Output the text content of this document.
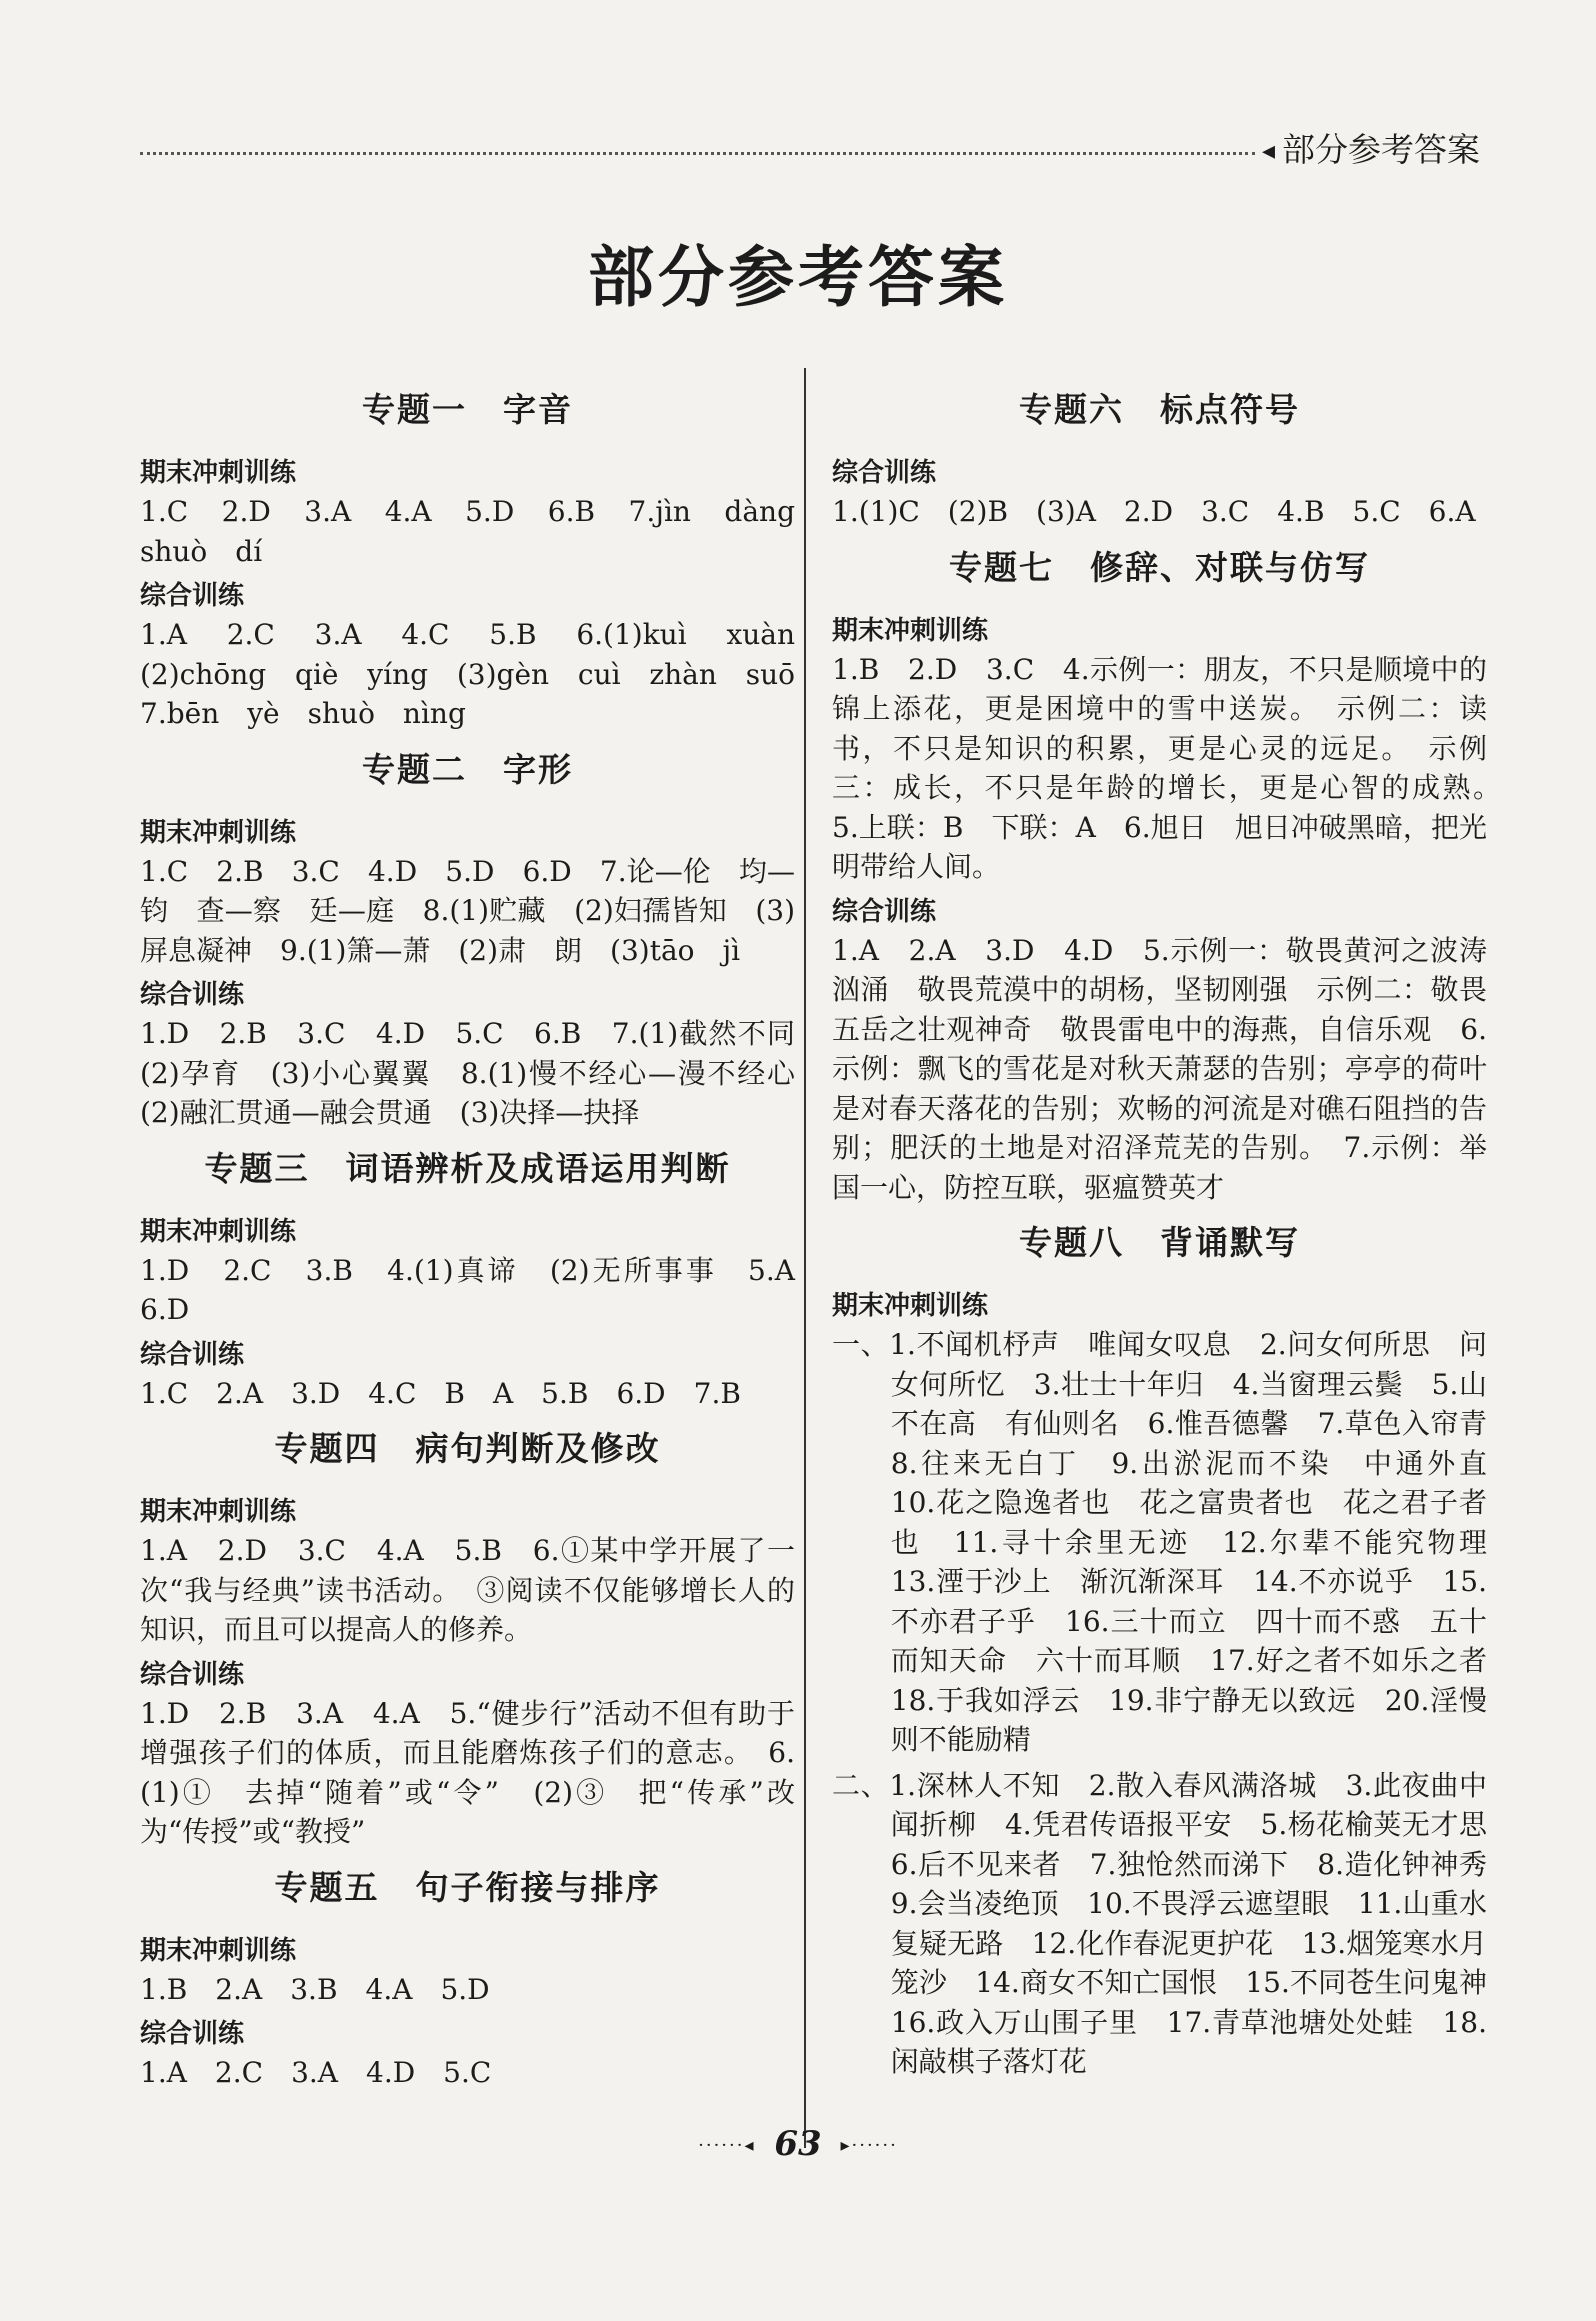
◂ 部分参考答案
部分参考答案
专题一 字音

期末冲刺训练

1.C　2.D　3.A　4.A　5.D　6.B　7.jìn　dàng　shuò　dí

综合训练

1.A　2.C　3.A　4.C　5.B　6.(1)kuì　xuàn　(2)chōng　qiè　yíng　(3)gèn　cuì　zhàn　suō　7.bēn　yè　shuò　nìng

专题二 字形

期末冲刺训练

1.C　2.B　3.C　4.D　5.D　6.D　7.论—伦　均—钧　查—察　廷—庭　8.(1)贮藏　(2)妇孺皆知　(3)屏息凝神　9.(1)箫—萧　(2)肃　朗　(3)tāo　jì

综合训练

1.D　2.B　3.C　4.D　5.C　6.B　7.(1)截然不同　(2)孕育　(3)小心翼翼　8.(1)慢不经心—漫不经心　(2)融汇贯通—融会贯通　(3)决择—抉择

专题三 词语辨析及成语运用判断

期末冲刺训练

1.D　2.C　3.B　4.(1)真谛　(2)无所事事　5.A　6.D

综合训练

1.C　2.A　3.D　4.C　B　A　5.B　6.D　7.B

专题四 病句判断及修改

期末冲刺训练

1.A　2.D　3.C　4.A　5.B　6.①某中学开展了一次“我与经典”读书活动。　③阅读不仅能够增长人的知识，而且可以提高人的修养。

综合训练

1.D　2.B　3.A　4.A　5.“健步行”活动不但有助于增强孩子们的体质，而且能磨炼孩子们的意志。　6.(1)①　去掉“随着”或“令”　(2)③　把“传承”改为“传授”或“教授”

专题五 句子衔接与排序

期末冲刺训练

1.B　2.A　3.B　4.A　5.D

综合训练

1.A　2.C　3.A　4.D　5.C

专题六 标点符号

综合训练

1.(1)C　(2)B　(3)A　2.D　3.C　4.B　5.C　6.A

专题七 修辞、对联与仿写

期末冲刺训练

1.B　2.D　3.C　4.示例一：朋友，不只是顺境中的锦上添花，更是困境中的雪中送炭。　示例二：读书，不只是知识的积累，更是心灵的远足。　示例三：成长，不只是年龄的增长，更是心智的成熟。　5.上联：B　下联：A　6.旭日　旭日冲破黑暗，把光明带给人间。

综合训练

1.A　2.A　3.D　4.D　5.示例一：敬畏黄河之波涛汹涌　敬畏荒漠中的胡杨，坚韧刚强　示例二：敬畏五岳之壮观神奇　敬畏雷电中的海燕，自信乐观　6.示例：飘飞的雪花是对秋天萧瑟的告别；亭亭的荷叶是对春天落花的告别；欢畅的河流是对礁石阻挡的告别；肥沃的土地是对沼泽荒芜的告别。　7.示例：举国一心，防控互联，驱瘟赞英才

专题八 背诵默写

期末冲刺训练

一、1.不闻机杼声　唯闻女叹息　2.问女何所思　问女何所忆　3.壮士十年归　4.当窗理云鬓　5.山不在高　有仙则名　6.惟吾德馨　7.草色入帘青　8.往来无白丁　9.出淤泥而不染　中通外直　10.花之隐逸者也　花之富贵者也　花之君子者也　11.寻十余里无迹　12.尔辈不能究物理　13.湮于沙上　渐沉渐深耳　14.不亦说乎　15.不亦君子乎　16.三十而立　四十而不惑　五十而知天命　六十而耳顺　17.好之者不如乐之者　18.于我如浮云　19.非宁静无以致远　20.淫慢则不能励精

二、1.深林人不知　2.散入春风满洛城　3.此夜曲中闻折柳　4.凭君传语报平安　5.杨花榆荚无才思　6.后不见来者　7.独怆然而涕下　8.造化钟神秀　9.会当凌绝顶　10.不畏浮云遮望眼　11.山重水复疑无路　12.化作春泥更护花　13.烟笼寒水月笼沙　14.商女不知亡国恨　15.不同苍生问鬼神　16.政入万山围子里　17.青草池塘处处蛙　18.闲敲棋子落灯花

······◂ 63 ▸······
